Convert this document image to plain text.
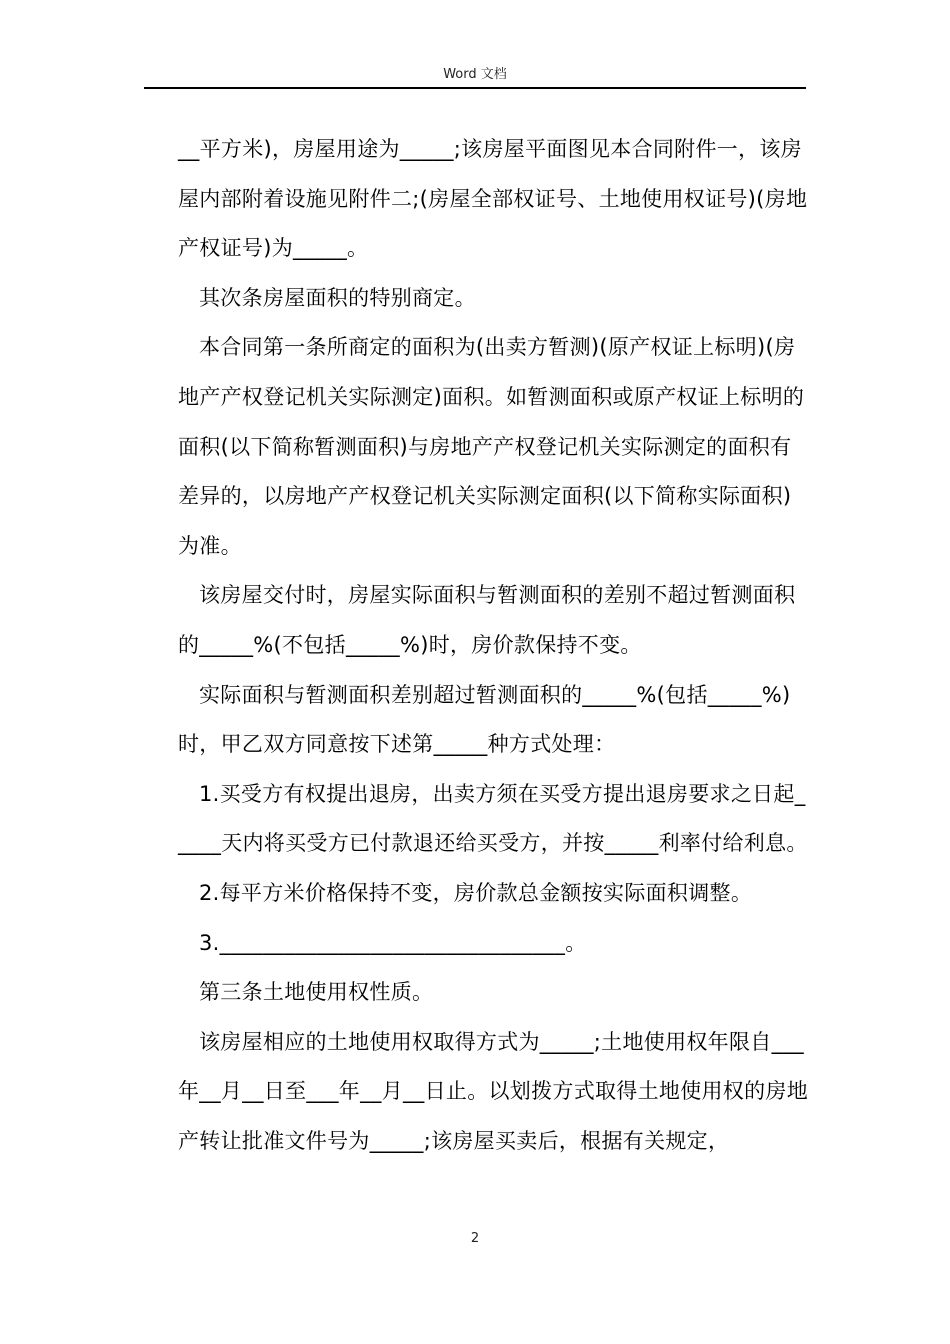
Word 文档

__平方米)，房屋用途为_____;该房屋平面图见本合同附件一，该房屋内部附着设施见附件二;(房屋全部权证号、土地使用权证号)(房地产权证号)为_____。

其次条房屋面积的特别商定。

本合同第一条所商定的面积为(出卖方暂测)(原产权证上标明)(房地产产权登记机关实际测定)面积。如暂测面积或原产权证上标明的面积(以下简称暂测面积)与房地产产权登记机关实际测定的面积有差异的，以房地产产权登记机关实际测定面积(以下简称实际面积)为准。

该房屋交付时，房屋实际面积与暂测面积的差别不超过暂测面积的_____%(不包括_____%)时，房价款保持不变。

实际面积与暂测面积差别超过暂测面积的_____%(包括_____%)时，甲乙双方同意按下述第_____种方式处理：

1.买受方有权提出退房，出卖方须在买受方提出退房要求之日起_____天内将买受方已付款退还给买受方，并按_____利率付给利息。

2.每平方米价格保持不变，房价款总金额按实际面积调整。

3.________________________________。

第三条土地使用权性质。

该房屋相应的土地使用权取得方式为_____;土地使用权年限自___年__月__日至___年__月__日止。以划拨方式取得土地使用权的房地产转让批准文件号为_____;该房屋买卖后，根据有关规定，

2
